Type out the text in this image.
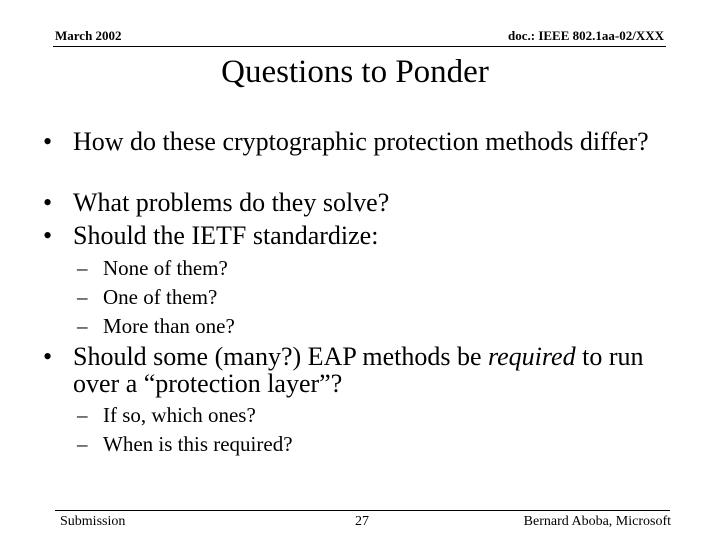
March 2002	doc.: IEEE 802.1aa-02/XXX
Questions to Ponder
• How do these cryptographic protection methods differ?
• What problems do they solve?
• Should the IETF standardize:
– None of them?
– One of them?
– More than one?
• Should some (many?) EAP methods be required to run over a “protection layer”?
– If so, which ones?
– When is this required?
Submission	27	Bernard Aboba, Microsoft
